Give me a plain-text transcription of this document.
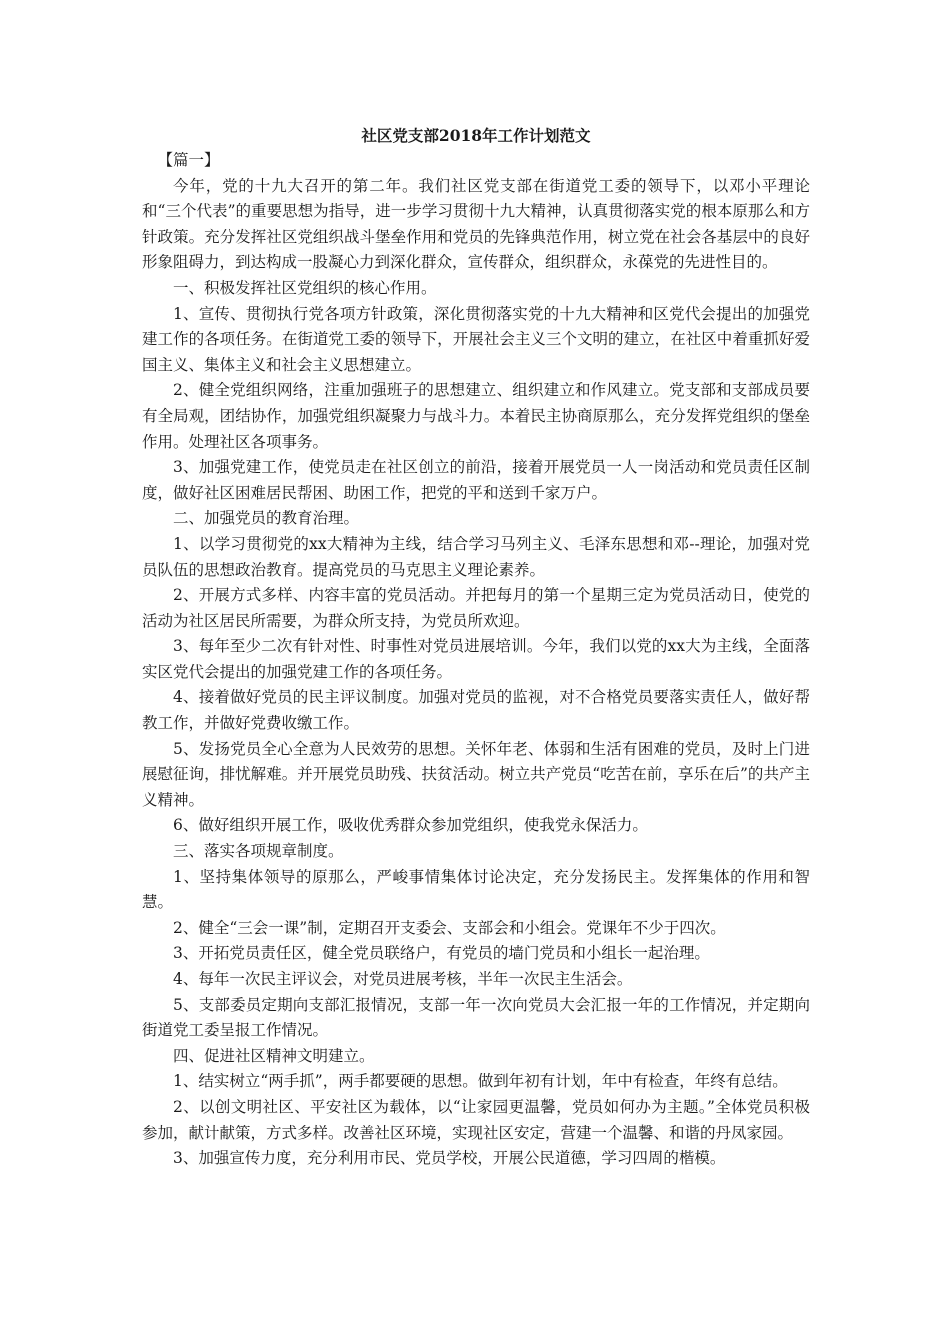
社区党支部2018年工作计划范文

【篇一】

今年，党的十九大召开的第二年。我们社区党支部在街道党工委的领导下，以邓小平理论和“三个代表”的重要思想为指导，进一步学习贯彻十九大精神，认真贯彻落实党的根本原那么和方针政策。充分发挥社区党组织战斗堡垒作用和党员的先锋典范作用，树立党在社会各基层中的良好形象阻碍力，到达构成一股凝心力到深化群众，宣传群众，组织群众，永葆党的先进性目的。

一、积极发挥社区党组织的核心作用。

1、宣传、贯彻执行党各项方针政策，深化贯彻落实党的十九大精神和区党代会提出的加强党建工作的各项任务。在街道党工委的领导下，开展社会主义三个文明的建立，在社区中着重抓好爱国主义、集体主义和社会主义思想建立。

2、健全党组织网络，注重加强班子的思想建立、组织建立和作风建立。党支部和支部成员要有全局观，团结协作，加强党组织凝聚力与战斗力。本着民主协商原那么，充分发挥党组织的堡垒作用。处理社区各项事务。

3、加强党建工作，使党员走在社区创立的前沿，接着开展党员一人一岗活动和党员责任区制度，做好社区困难居民帮困、助困工作，把党的平和送到千家万户。

二、加强党员的教育治理。

1、以学习贯彻党的xx大精神为主线，结合学习马列主义、毛泽东思想和邓--理论，加强对党员队伍的思想政治教育。提高党员的马克思主义理论素养。

2、开展方式多样、内容丰富的党员活动。并把每月的第一个星期三定为党员活动日，使党的活动为社区居民所需要，为群众所支持，为党员所欢迎。

3、每年至少二次有针对性、时事性对党员进展培训。今年，我们以党的xx大为主线，全面落实区党代会提出的加强党建工作的各项任务。

4、接着做好党员的民主评议制度。加强对党员的监视，对不合格党员要落实责任人，做好帮教工作，并做好党费收缴工作。

5、发扬党员全心全意为人民效劳的思想。关怀年老、体弱和生活有困难的党员，及时上门进展慰征询，排忧解难。并开展党员助残、扶贫活动。树立共产党员“吃苦在前，享乐在后”的共产主义精神。

6、做好组织开展工作，吸收优秀群众参加党组织，使我党永保活力。

三、落实各项规章制度。

1、坚持集体领导的原那么，严峻事情集体讨论决定，充分发扬民主。发挥集体的作用和智慧。

2、健全“三会一课”制，定期召开支委会、支部会和小组会。党课年不少于四次。

3、开拓党员责任区，健全党员联络户，有党员的墙门党员和小组长一起治理。

4、每年一次民主评议会，对党员进展考核，半年一次民主生活会。

5、支部委员定期向支部汇报情况，支部一年一次向党员大会汇报一年的工作情况，并定期向街道党工委呈报工作情况。

四、促进社区精神文明建立。

1、结实树立“两手抓”，两手都要硬的思想。做到年初有计划，年中有检查，年终有总结。

2、以创文明社区、平安社区为载体，以“让家园更温馨，党员如何办为主题。”全体党员积极参加，献计献策，方式多样。改善社区环境，实现社区安定，营建一个温馨、和谐的丹凤家园。

3、加强宣传力度，充分利用市民、党员学校，开展公民道德，学习四周的楷模。
